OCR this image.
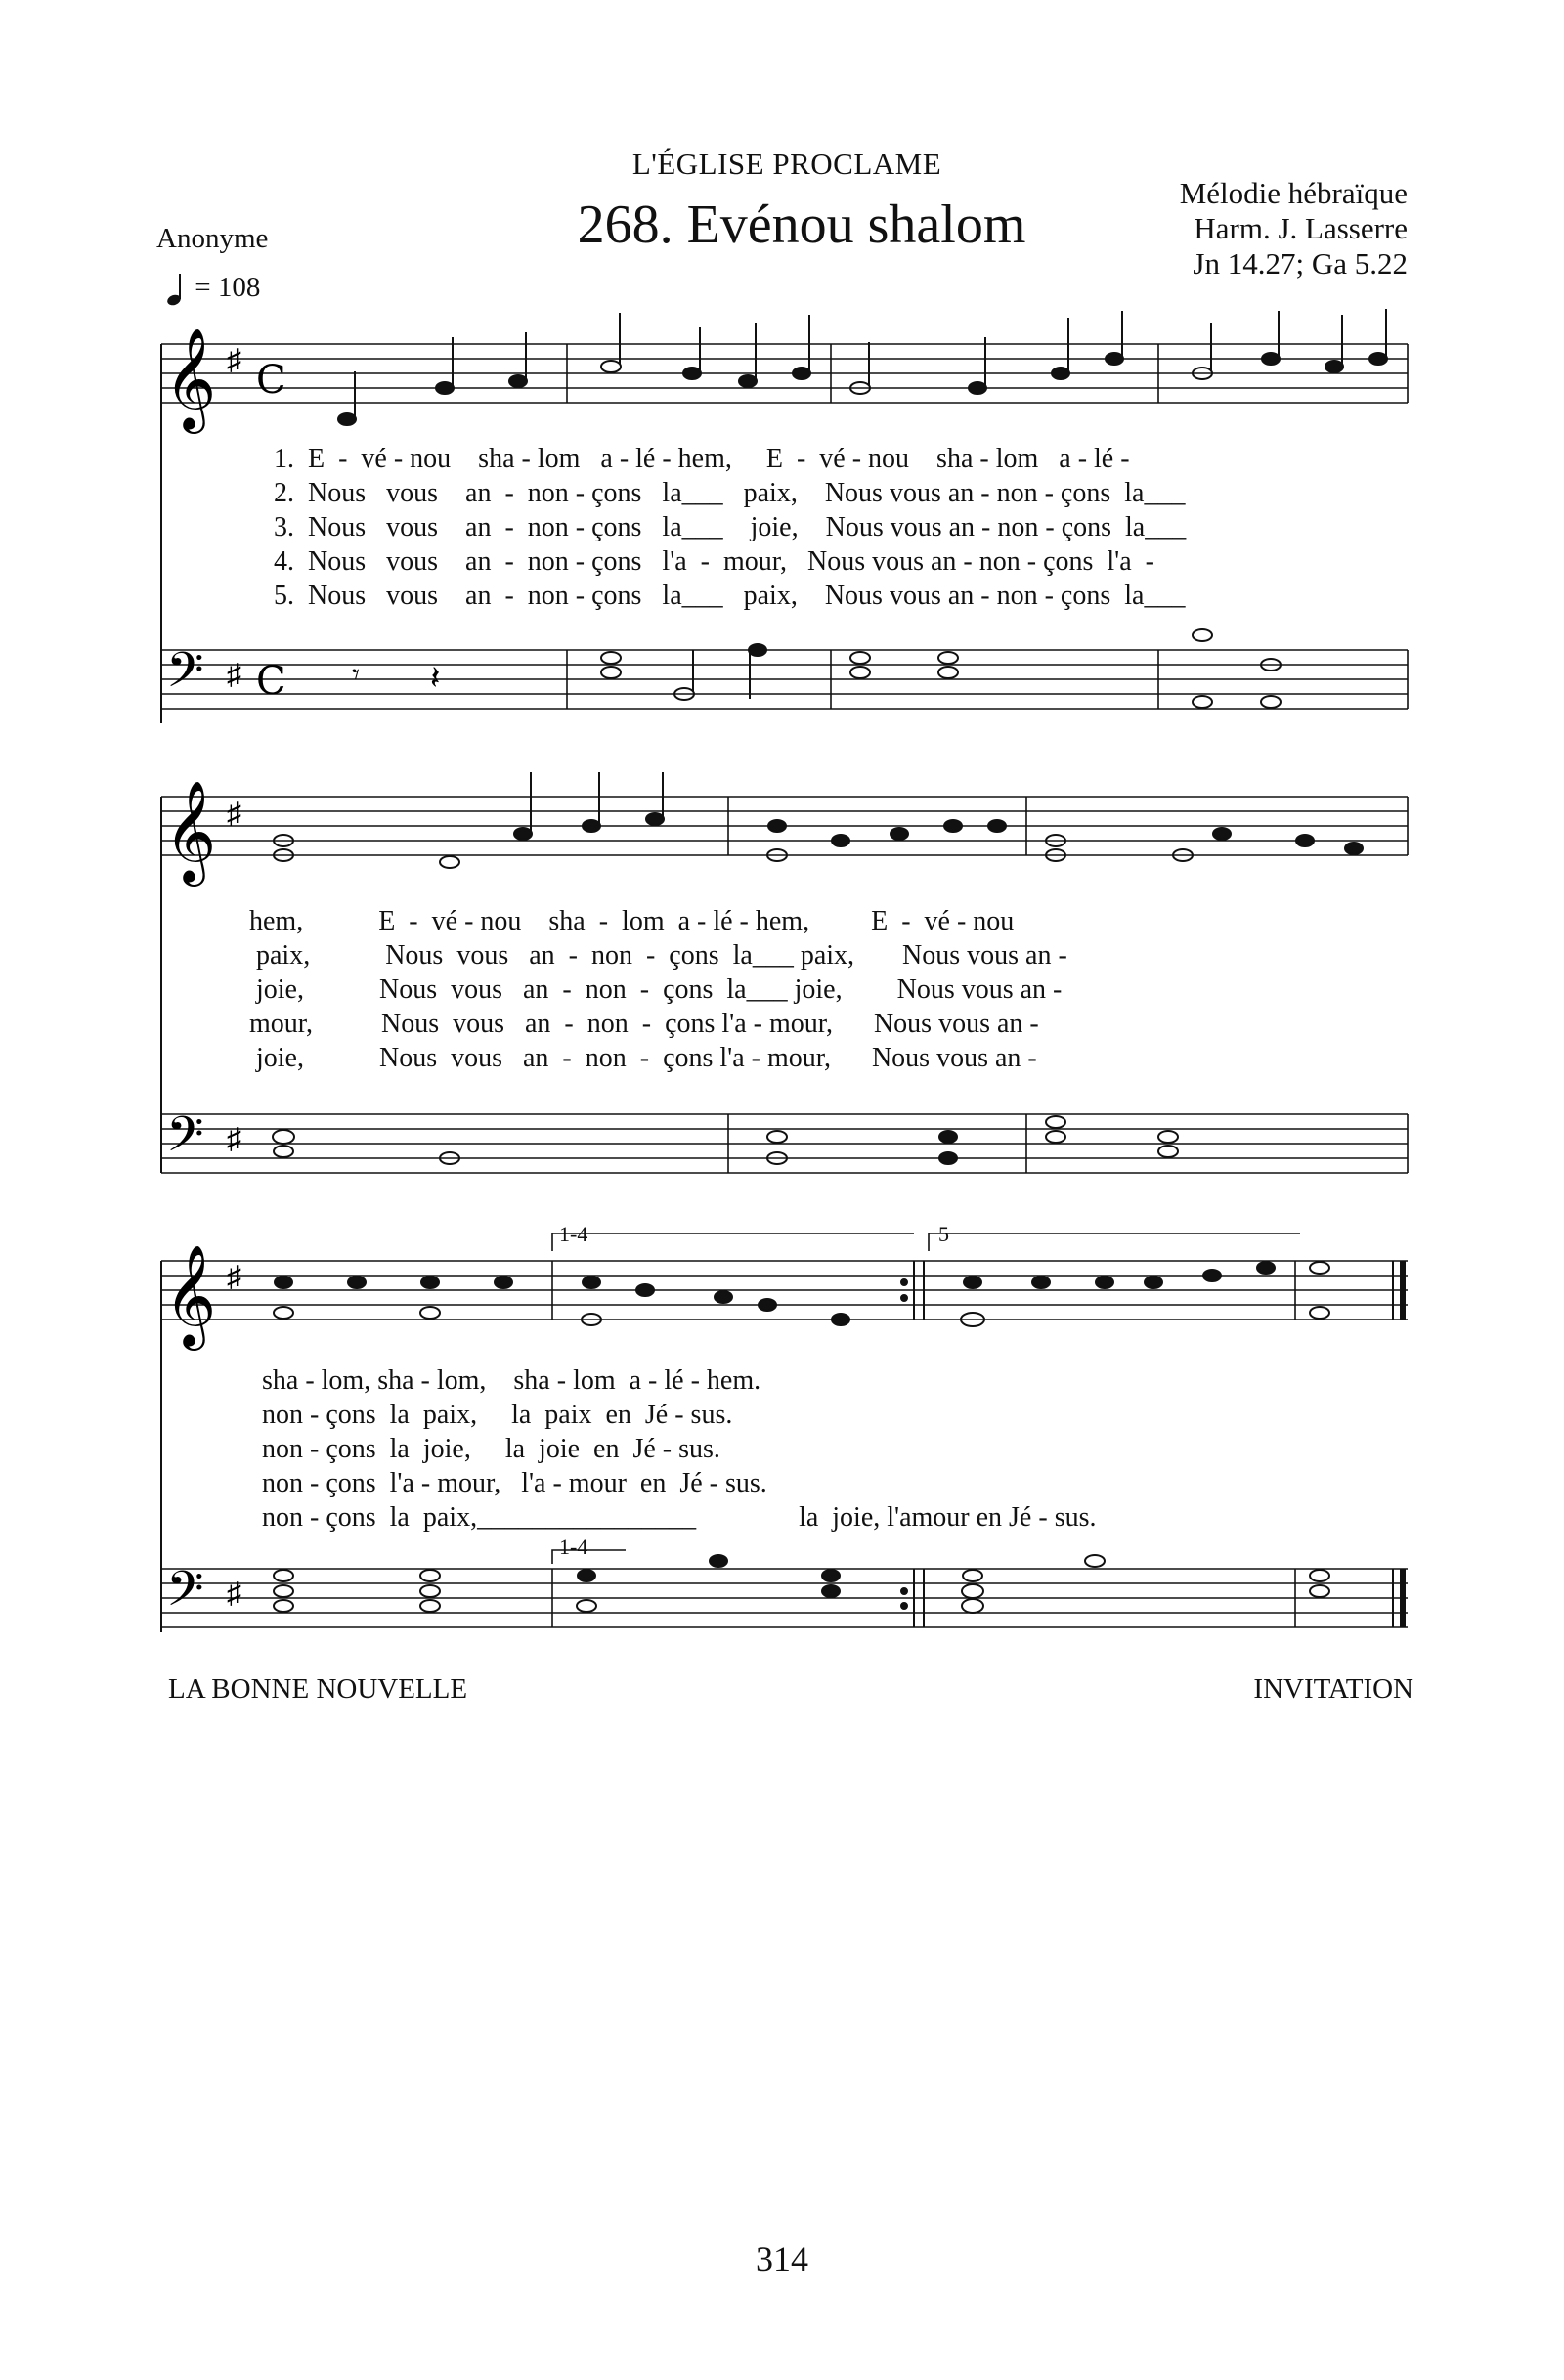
L'ÉGLISE PROCLAME
268. Evénou shalom
Anonyme
= 108
Mélodie hébraïque
Harm. J. Lasserre
Jn 14.27; Ga 5.22
𝄞 ♯ C
1.  E  -  vé - nou    sha - lom   a - lé - hem,     E  -  vé - nou    sha - lom   a - lé -
2.  Nous   vous    an  -  non - çons   la___   paix,    Nous vous an - non - çons  la___
3.  Nous   vous    an  -  non - çons   la___    joie,    Nous vous an - non - çons  la___
4.  Nous   vous    an  -  non - çons   l'a  -  mour,   Nous vous an - non - çons  l'a  -
5.  Nous   vous    an  -  non - çons   la___   paix,    Nous vous an - non - çons  la___
𝄢 ♯ C 𝄾 𝄽
𝄞 ♯
hem,           E  -  vé - nou    sha  -  lom  a - lé - hem,         E  -  vé - nou
paix,           Nous  vous   an  -  non  -  çons  la___ paix,       Nous vous an -
joie,           Nous  vous   an  -  non  -  çons  la___ joie,        Nous vous an -
mour,          Nous  vous   an  -  non  -  çons l'a - mour,      Nous vous an -
joie,           Nous  vous   an  -  non  -  çons l'a - mour,      Nous vous an -
𝄢 ♯
1-4	5
𝄞 ♯
sha - lom, sha - lom,    sha - lom  a - lé - hem.
non - çons  la  paix,     la  paix  en  Jé - sus.
non - çons  la  joie,     la  joie  en  Jé - sus.
non - çons  l'a - mour,   l'a - mour  en  Jé - sus.
non - çons  la  paix,________________               la  joie, l'amour en Jé - sus.
1-4
𝄢 ♯
LA BONNE NOUVELLE	INVITATION
314
